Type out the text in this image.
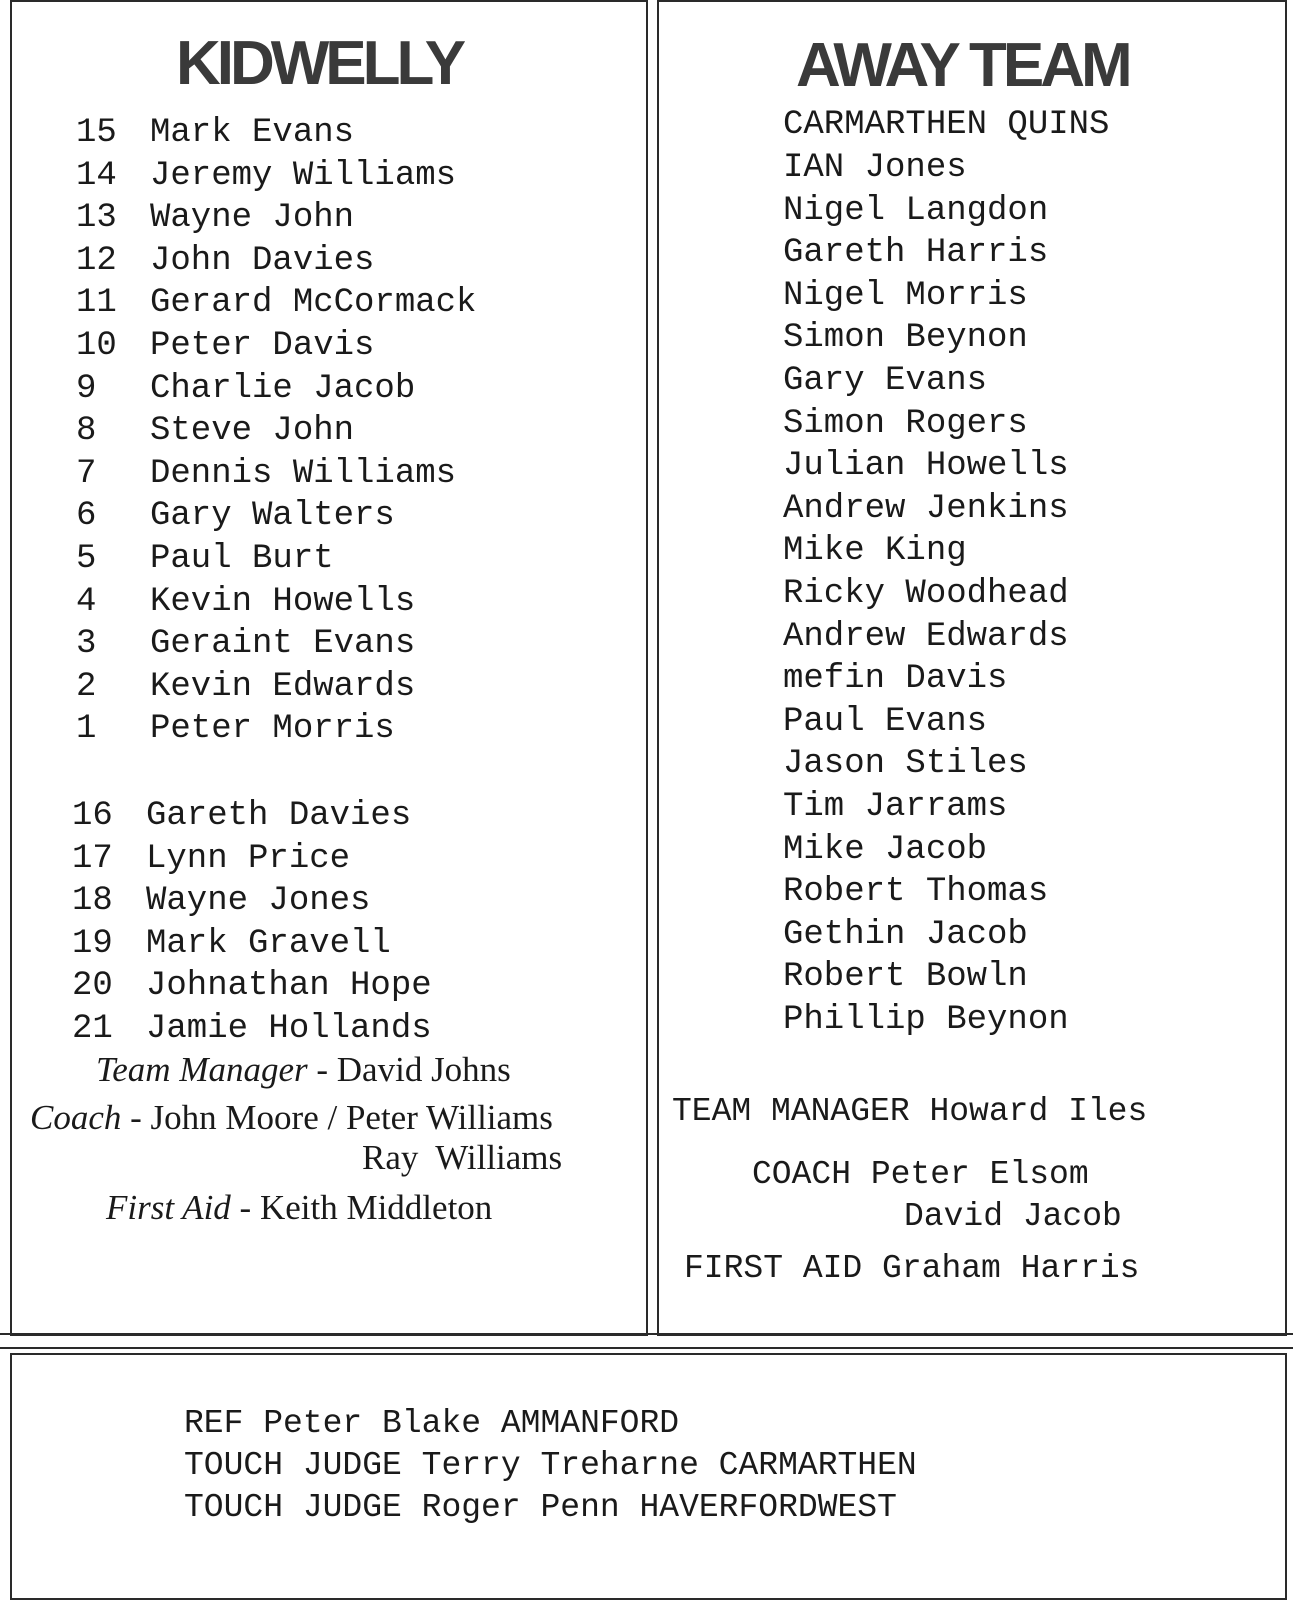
KIDWELLY
15 Mark Evans
14 Jeremy Williams
13 Wayne John
12 John Davies
11 Gerard McCormack
10 Peter Davis
9 Charlie Jacob
8 Steve John
7 Dennis Williams
6 Gary Walters
5 Paul Burt
4 Kevin Howells
3 Geraint Evans
2 Kevin Edwards
1 Peter Morris
16 Gareth Davies
17 Lynn Price
18 Wayne Jones
19 Mark Gravell
20 Johnathan Hope
21 Jamie Hollands
Team Manager - David Johns
Coach - John Moore / Peter Williams
Ray  Williams
First Aid - Keith Middleton
AWAY TEAM
CARMARTHEN QUINS
IAN Jones
Nigel Langdon
Gareth Harris
Nigel Morris
Simon Beynon
Gary Evans
Simon Rogers
Julian Howells
Andrew Jenkins
Mike King
Ricky Woodhead
Andrew Edwards
mefin Davis
Paul Evans
Jason Stiles
Tim Jarrams
Mike Jacob
Robert Thomas
Gethin Jacob
Robert Bowln
Phillip Beynon
TEAM MANAGER Howard Iles
COACH Peter Elsom
David Jacob
FIRST AID Graham Harris
REF Peter Blake AMMANFORD
TOUCH JUDGE Terry Treharne CARMARTHEN
TOUCH JUDGE Roger Penn HAVERFORDWEST
